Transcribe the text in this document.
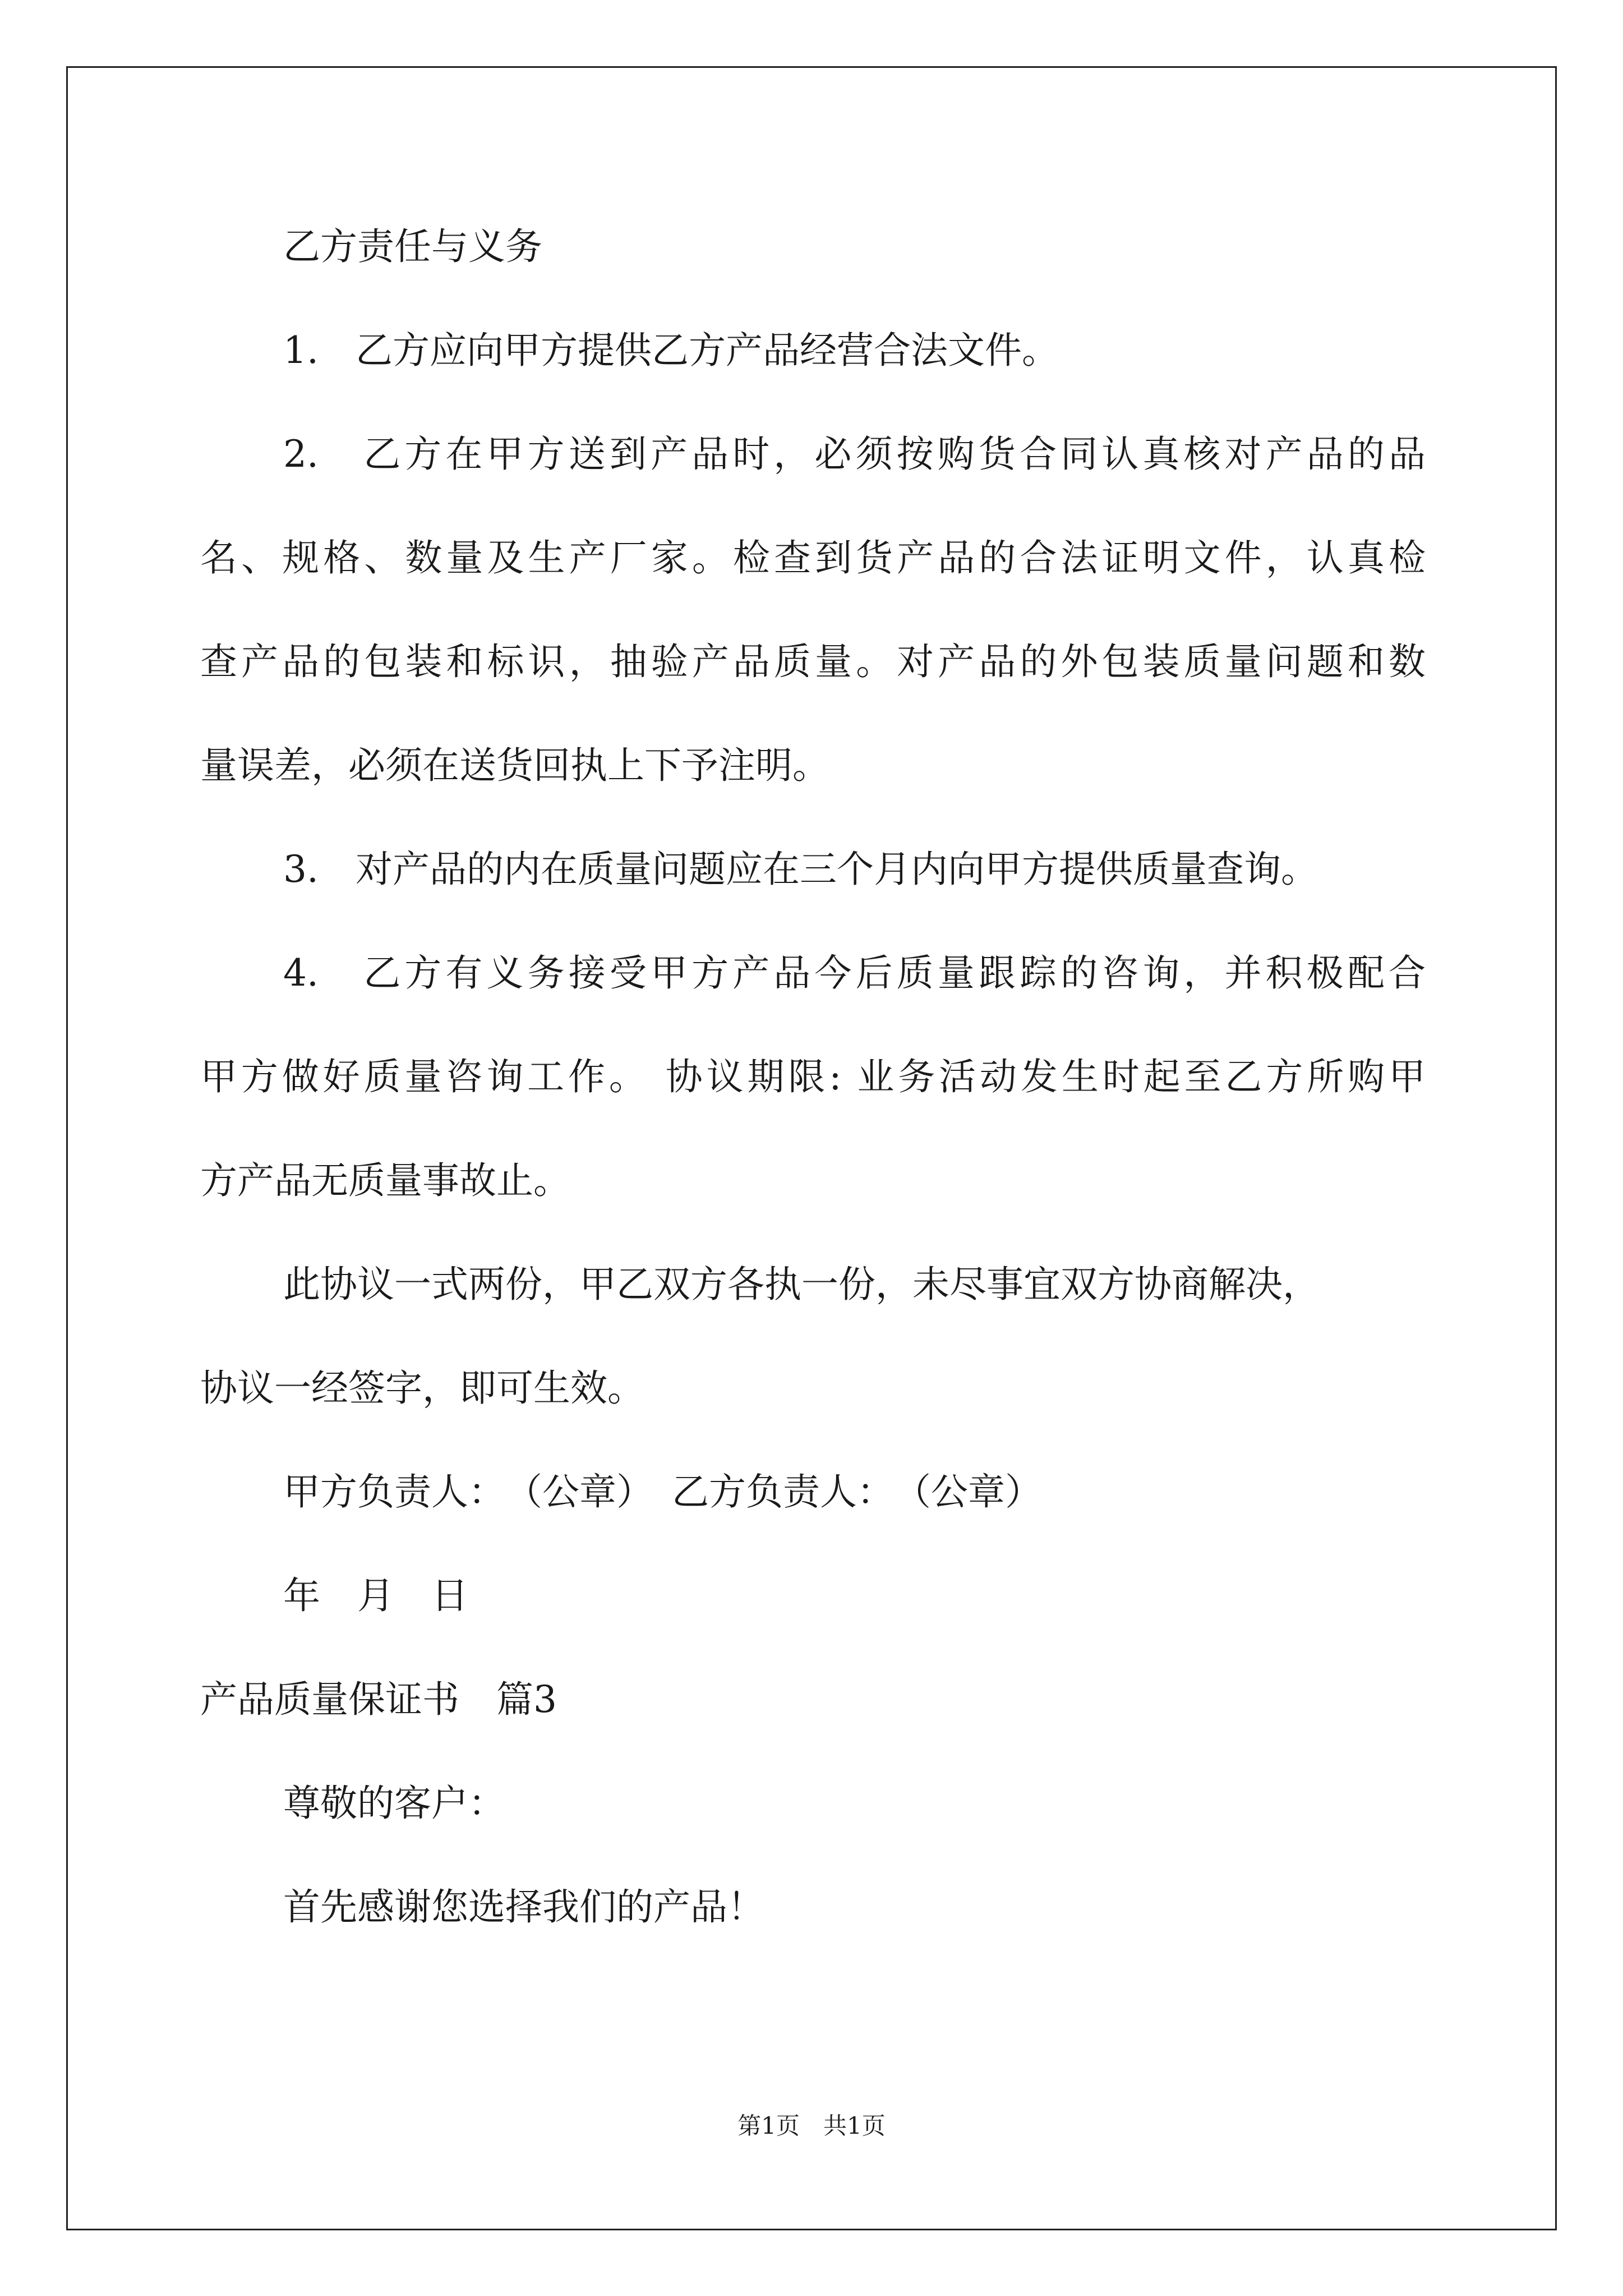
乙方责任与义务

1.　乙方应向甲方提供乙方产品经营合法文件。

2.　乙方在甲方送到产品时，必须按购货合同认真核对产品的品

名、规格、数量及生产厂家。检查到货产品的合法证明文件，认真检

查产品的包装和标识，抽验产品质量。对产品的外包装质量问题和数

量误差，必须在送货回执上下予注明。

3.　对产品的内在质量问题应在三个月内向甲方提供质量查询。

4.　乙方有义务接受甲方产品今后质量跟踪的咨询，并积极配合

甲方做好质量咨询工作。 协议期限: 业务活动发生时起至乙方所购甲

方产品无质量事故止。

此协议一式两份，甲乙双方各执一份，未尽事宜双方协商解决，

协议一经签字，即可生效。

甲方负责人：　（公章）　乙方负责人：　（公章）

年　月　日

产品质量保证书　篇3

尊敬的客户：

首先感谢您选择我们的产品！

第1页　共1页
